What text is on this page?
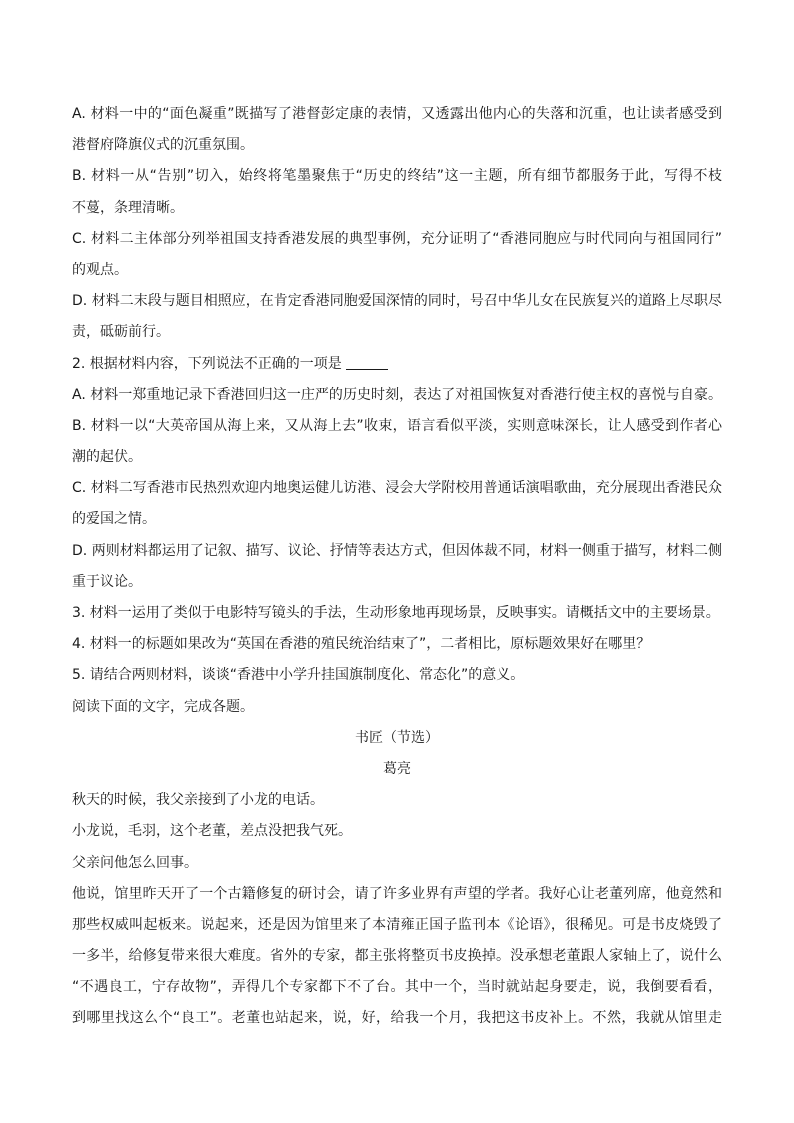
A. 材料一中的“面色凝重”既描写了港督彭定康的表情，又透露出他内心的失落和沉重，也让读者感受到
港督府降旗仪式的沉重氛围。
B. 材料一从“告别”切入，始终将笔墨聚焦于“历史的终结”这一主题，所有细节都服务于此，写得不枝
不蔓，条理清晰。
C. 材料二主体部分列举祖国支持香港发展的典型事例，充分证明了“香港同胞应与时代同向与祖国同行”
的观点。
D. 材料二末段与题目相照应，在肯定香港同胞爱国深情的同时，号召中华儿女在民族复兴的道路上尽职尽
责，砥砺前行。
2. 根据材料内容，下列说法不正确的一项是
A. 材料一郑重地记录下香港回归这一庄严的历史时刻，表达了对祖国恢复对香港行使主权的喜悦与自豪。
B. 材料一以“大英帝国从海上来，又从海上去”收束，语言看似平淡，实则意味深长，让人感受到作者心
潮的起伏。
C. 材料二写香港市民热烈欢迎内地奥运健儿访港、浸会大学附校用普通话演唱歌曲，充分展现出香港民众
的爱国之情。
D. 两则材料都运用了记叙、描写、议论、抒情等表达方式，但因体裁不同，材料一侧重于描写，材料二侧
重于议论。
3. 材料一运用了类似于电影特写镜头的手法，生动形象地再现场景，反映事实。请概括文中的主要场景。
4. 材料一的标题如果改为“英国在香港的殖民统治结束了”，二者相比，原标题效果好在哪里？
5. 请结合两则材料，谈谈“香港中小学升挂国旗制度化、常态化”的意义。
阅读下面的文字，完成各题。
书匠（节选）
葛亮
秋天的时候，我父亲接到了小龙的电话。
小龙说，毛羽，这个老董，差点没把我气死。
父亲问他怎么回事。
他说，馆里昨天开了一个古籍修复的研讨会，请了许多业界有声望的学者。我好心让老董列席，他竟然和
那些权威叫起板来。说起来，还是因为馆里来了本清雍正国子监刊本《论语》，很稀见。可是书皮烧毁了
一多半，给修复带来很大难度。省外的专家，都主张将整页书皮换掉。没承想老董跟人家轴上了，说什么
“不遇良工，宁存故物”，弄得几个专家都下不了台。其中一个，当时就站起身要走，说，我倒要看看，
到哪里找这么个“良工”。老董也站起来，说，好，给我一个月，我把这书皮补上。不然，我就从馆里走
